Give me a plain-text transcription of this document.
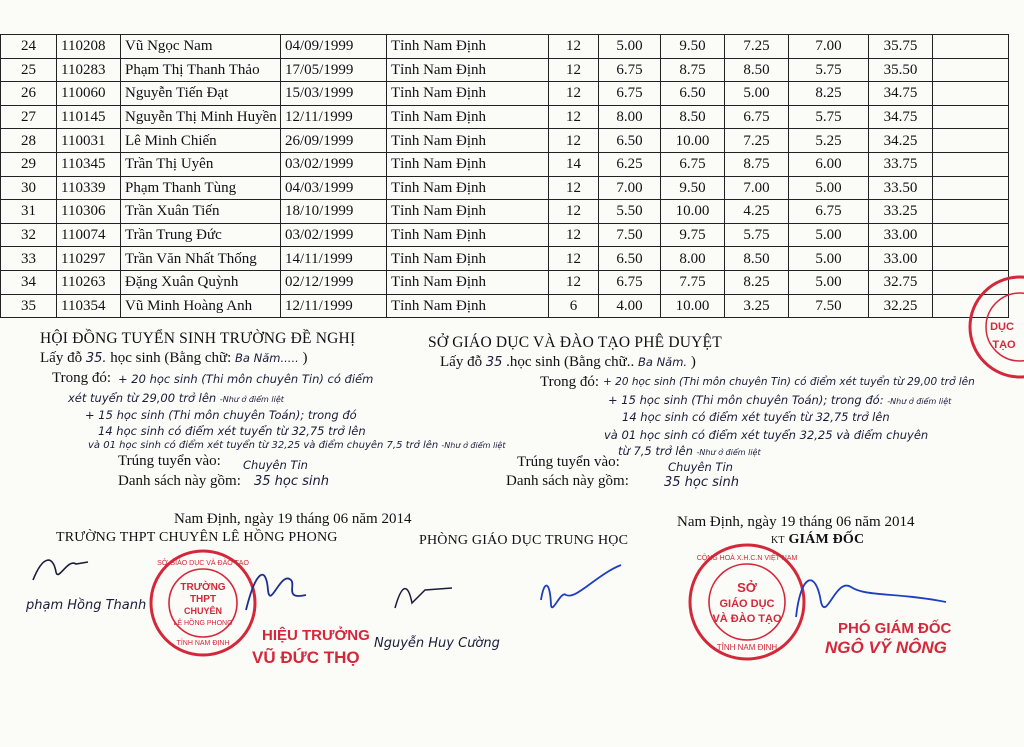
24	110208	Vũ Ngọc Nam	04/09/1999	Tỉnh Nam Định	12	5.00	9.50	7.25	7.00	35.75	
25	110283	Phạm Thị Thanh Thảo	17/05/1999	Tỉnh Nam Định	12	6.75	8.75	8.50	5.75	35.50	
26	110060	Nguyễn Tiến Đạt	15/03/1999	Tỉnh Nam Định	12	6.75	6.50	5.00	8.25	34.75	
27	110145	Nguyễn Thị Minh Huyền	12/11/1999	Tỉnh Nam Định	12	8.00	8.50	6.75	5.75	34.75	
28	110031	Lê Minh Chiến	26/09/1999	Tỉnh Nam Định	12	6.50	10.00	7.25	5.25	34.25	
29	110345	Trần Thị Uyên	03/02/1999	Tỉnh Nam Định	14	6.25	6.75	8.75	6.00	33.75	
30	110339	Phạm Thanh Tùng	04/03/1999	Tỉnh Nam Định	12	7.00	9.50	7.00	5.00	33.50	
31	110306	Trần Xuân Tiến	18/10/1999	Tỉnh Nam Định	12	5.50	10.00	4.25	6.75	33.25	
32	110074	Trần Trung Đức	03/02/1999	Tỉnh Nam Định	12	7.50	9.75	5.75	5.00	33.00	
33	110297	Trần Văn Nhất Thống	14/11/1999	Tỉnh Nam Định	12	6.50	8.00	8.50	5.00	33.00	
34	110263	Đặng Xuân Quỳnh	02/12/1999	Tỉnh Nam Định	12	6.75	7.75	8.25	5.00	32.75	
35	110354	Vũ Minh Hoàng Anh	12/11/1999	Tỉnh Nam Định	6	4.00	10.00	3.25	7.50	32.25	
HỘI ĐỒNG TUYỂN SINH TRƯỜNG ĐỀ NGHỊ
Lấy đỗ 35. học sinh (Bằng chữ: Ba Năm..... )
Trong đó: + 20 học sinh (Thi môn chuyên Tin) có điểm
xét tuyển từ 29,00 trở lên -Như ở điểm liệt
+ 15 học sinh (Thi môn chuyên Toán); trong đó
14 học sinh có điểm xét tuyển từ 32,75 trở lên
và 01 học sinh có điểm xét tuyển từ 32,25 và điểm chuyên 7,5 trở lên -Như ở điểm liệt
Trúng tuyển vào: Chuyên Tin
Danh sách này gồm: 35 học sinh
SỞ GIÁO DỤC VÀ ĐÀO TẠO PHÊ DUYỆT
Lấy đỗ 35 .học sinh (Bằng chữ.. Ba Năm. )
Trong đó: + 20 học sinh (Thi môn chuyên Tin) có điểm xét tuyển từ 29,00 trở lên
+ 15 học sinh (Thi môn chuyên Toán); trong đó: -Như ở điểm liệt
14 học sinh có điểm xét tuyển từ 32,75 trở lên
và 01 học sinh có điểm xét tuyển 32,25 và điểm chuyên
từ 7,5 trở lên -Như ở điểm liệt
Trúng tuyển vào:	Chuyên Tin
Danh sách này gồm:	35 học sinh
Nam Định, ngày 19 tháng 06 năm 2014	Nam Định, ngày 19 tháng 06 năm 2014
TRƯỜNG THPT CHUYÊN LÊ HỒNG PHONG	PHÒNG GIÁO DỤC TRUNG HỌC	KT GIÁM ĐỐC
phạm Hồng Thanh
TRƯỜNG
THPT
CHUYÊN
LÊ HỒNG PHONG
TỈNH NAM ĐỊNH
SỞ GIÁO DỤC VÀ ĐÀO TẠO
HIỆU TRƯỞNG
VŨ ĐỨC THỌ
Nguyễn Huy Cường
SỞ
GIÁO DỤC
VÀ ĐÀO TẠO
CỘNG HOÀ X.H.C.N VIỆT NAM
TỈNH NAM ĐỊNH
PHÓ GIÁM ĐỐC
NGÔ VỸ NÔNG
DỤC
TẠO
